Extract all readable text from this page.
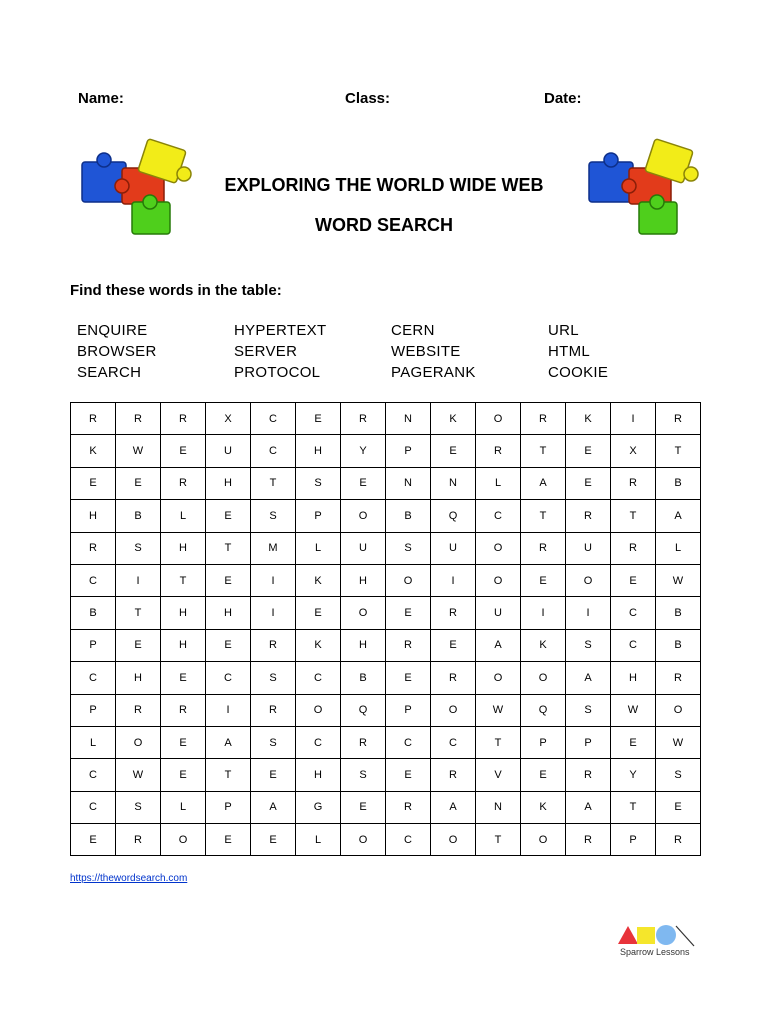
Name:	Class:	Date:
EXPLORING THE WORLD WIDE WEB
WORD SEARCH
Find these words in the table:
ENQUIRE
BROWSER
SEARCH
HYPERTEXT
SERVER
PROTOCOL
CERN
WEBSITE
PAGERANK
URL
HTML
COOKIE
R	R	R	X	C	E	R	N	K	O	R	K	I	R
K	W	E	U	C	H	Y	P	E	R	T	E	X	T
E	E	R	H	T	S	E	N	N	L	A	E	R	B
H	B	L	E	S	P	O	B	Q	C	T	R	T	A
R	S	H	T	M	L	U	S	U	O	R	U	R	L
C	I	T	E	I	K	H	O	I	O	E	O	E	W
B	T	H	H	I	E	O	E	R	U	I	I	C	B
P	E	H	E	R	K	H	R	E	A	K	S	C	B
C	H	E	C	S	C	B	E	R	O	O	A	H	R
P	R	R	I	R	O	Q	P	O	W	Q	S	W	O
L	O	E	A	S	C	R	C	C	T	P	P	E	W
C	W	E	T	E	H	S	E	R	V	E	R	Y	S
C	S	L	P	A	G	E	R	A	N	K	A	T	E
E	R	O	E	E	L	O	C	O	T	O	R	P	R
https://thewordsearch.com
Sparrow Lessons
